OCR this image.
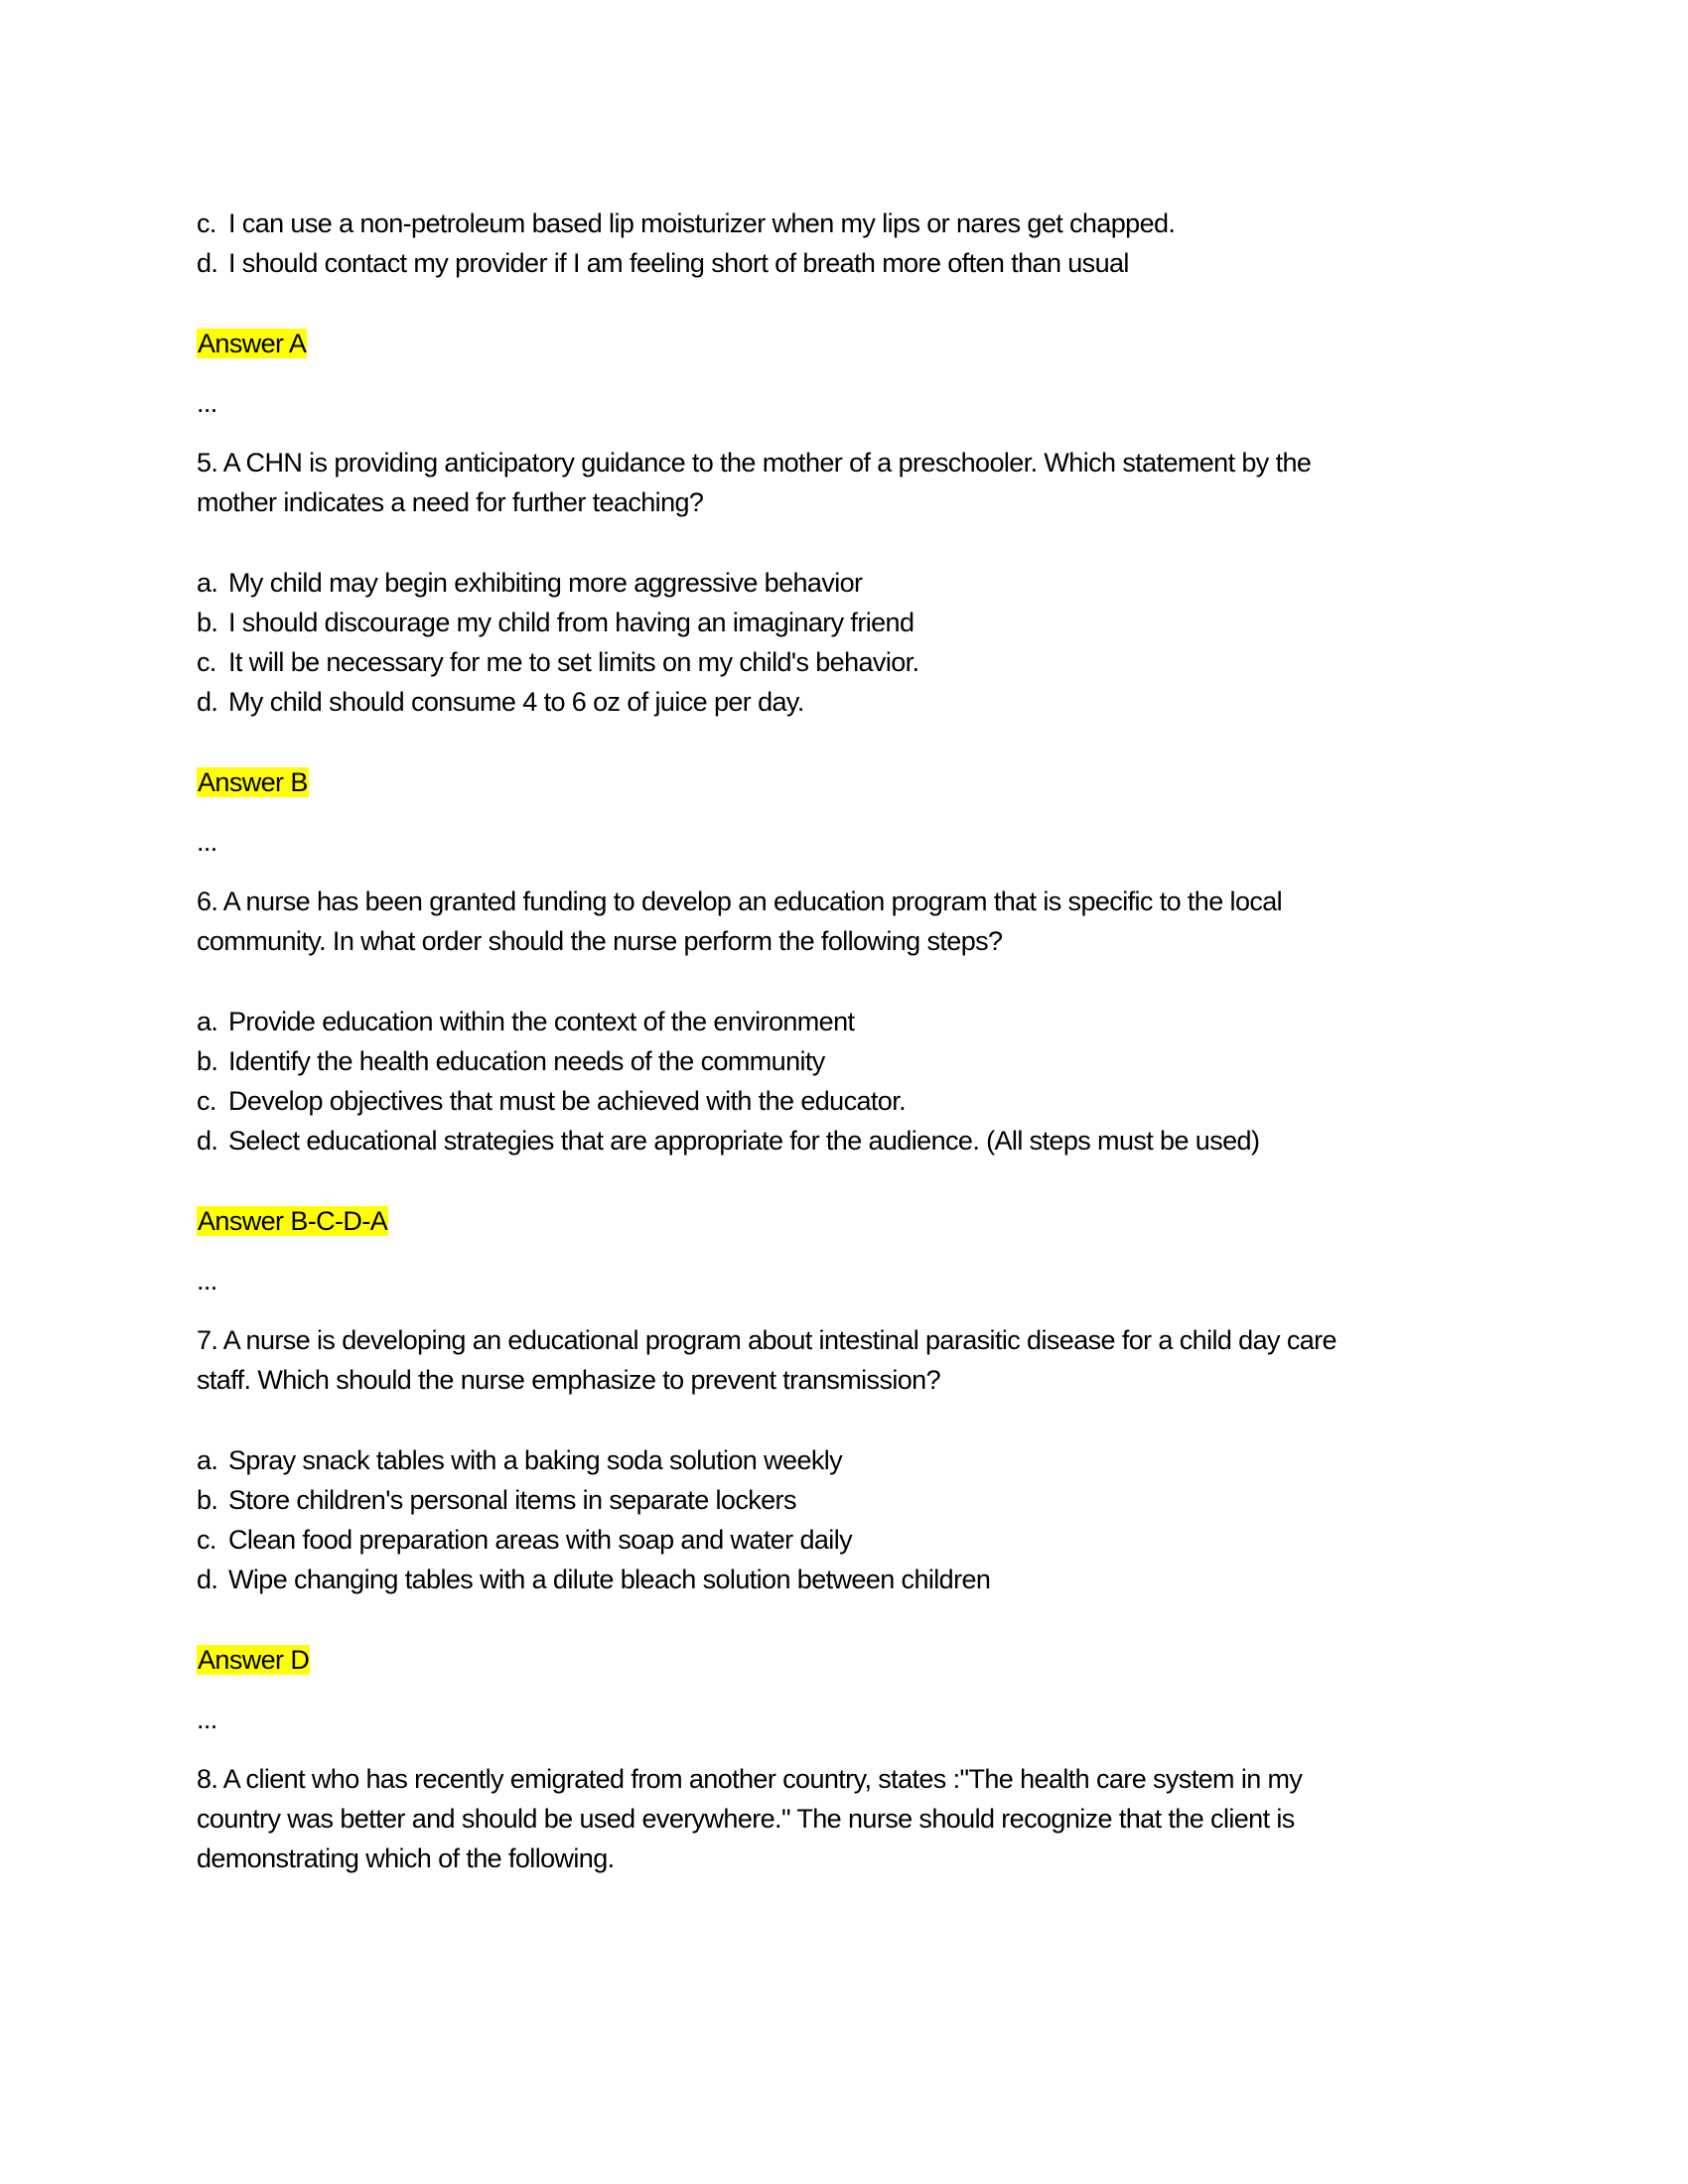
c. I can use a non-petroleum based lip moisturizer when my lips or nares get chapped.
d. I should contact my provider if I am feeling short of breath more often than usual
Answer A
...
5. A CHN is providing anticipatory guidance to the mother of a preschooler. Which statement by the
mother indicates a need for further teaching?
a. My child may begin exhibiting more aggressive behavior
b. I should discourage my child from having an imaginary friend
c. It will be necessary for me to set limits on my child's behavior.
d. My child should consume 4 to 6 oz of juice per day.
Answer B
...
6. A nurse has been granted funding to develop an education program that is specific to the local
community. In what order should the nurse perform the following steps?
a. Provide education within the context of the environment
b. Identify the health education needs of the community
c. Develop objectives that must be achieved with the educator.
d. Select educational strategies that are appropriate for the audience. (All steps must be used)
Answer B-C-D-A
...
7. A nurse is developing an educational program about intestinal parasitic disease for a child day care
staff. Which should the nurse emphasize to prevent transmission?
a. Spray snack tables with a baking soda solution weekly
b. Store children's personal items in separate lockers
c. Clean food preparation areas with soap and water daily
d. Wipe changing tables with a dilute bleach solution between children
Answer D
...
8. A client who has recently emigrated from another country, states :"The health care system in my
country was better and should be used everywhere." The nurse should recognize that the client is
demonstrating which of the following.
